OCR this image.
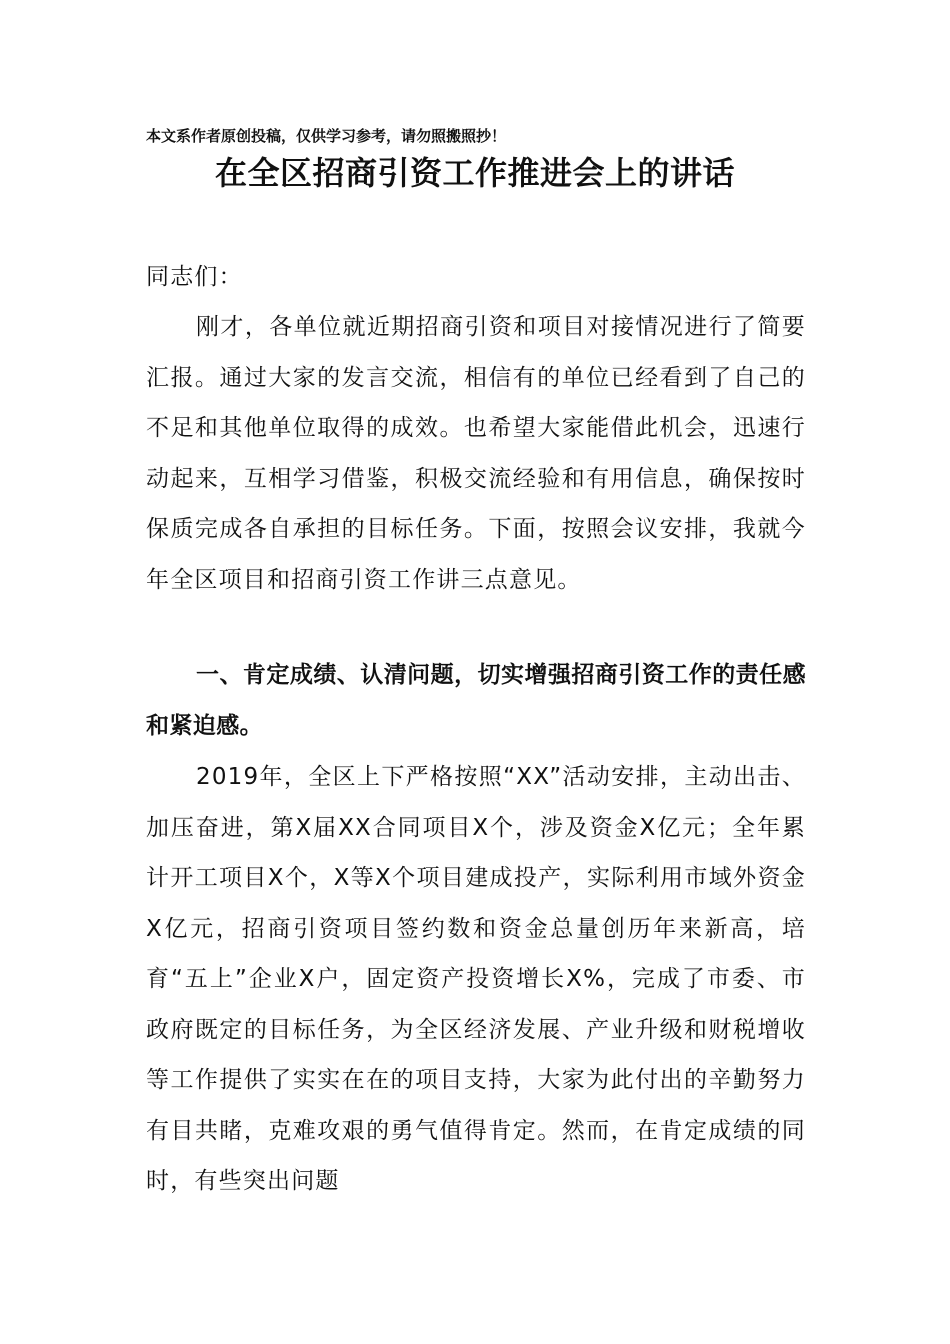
本文系作者原创投稿，仅供学习参考，请勿照搬照抄！
在全区招商引资工作推进会上的讲话

同志们：

刚才，各单位就近期招商引资和项目对接情况进行了简要汇报。通过大家的发言交流，相信有的单位已经看到了自己的不足和其他单位取得的成效。也希望大家能借此机会，迅速行动起来，互相学习借鉴，积极交流经验和有用信息，确保按时保质完成各自承担的目标任务。下面，按照会议安排，我就今年全区项目和招商引资工作讲三点意见。

一、肯定成绩、认清问题，切实增强招商引资工作的责任感和紧迫感。

2019年，全区上下严格按照“XX”活动安排，主动出击、加压奋进，第X届XX合同项目X个，涉及资金X亿元；全年累计开工项目X个，X等X个项目建成投产，实际利用市域外资金X亿元，招商引资项目签约数和资金总量创历年来新高，培育“五上”企业X户，固定资产投资增长X%，完成了市委、市政府既定的目标任务，为全区经济发展、产业升级和财税增收等工作提供了实实在在的项目支持，大家为此付出的辛勤努力有目共睹，克难攻艰的勇气值得肯定。然而，在肯定成绩的同时，有些突出问题
